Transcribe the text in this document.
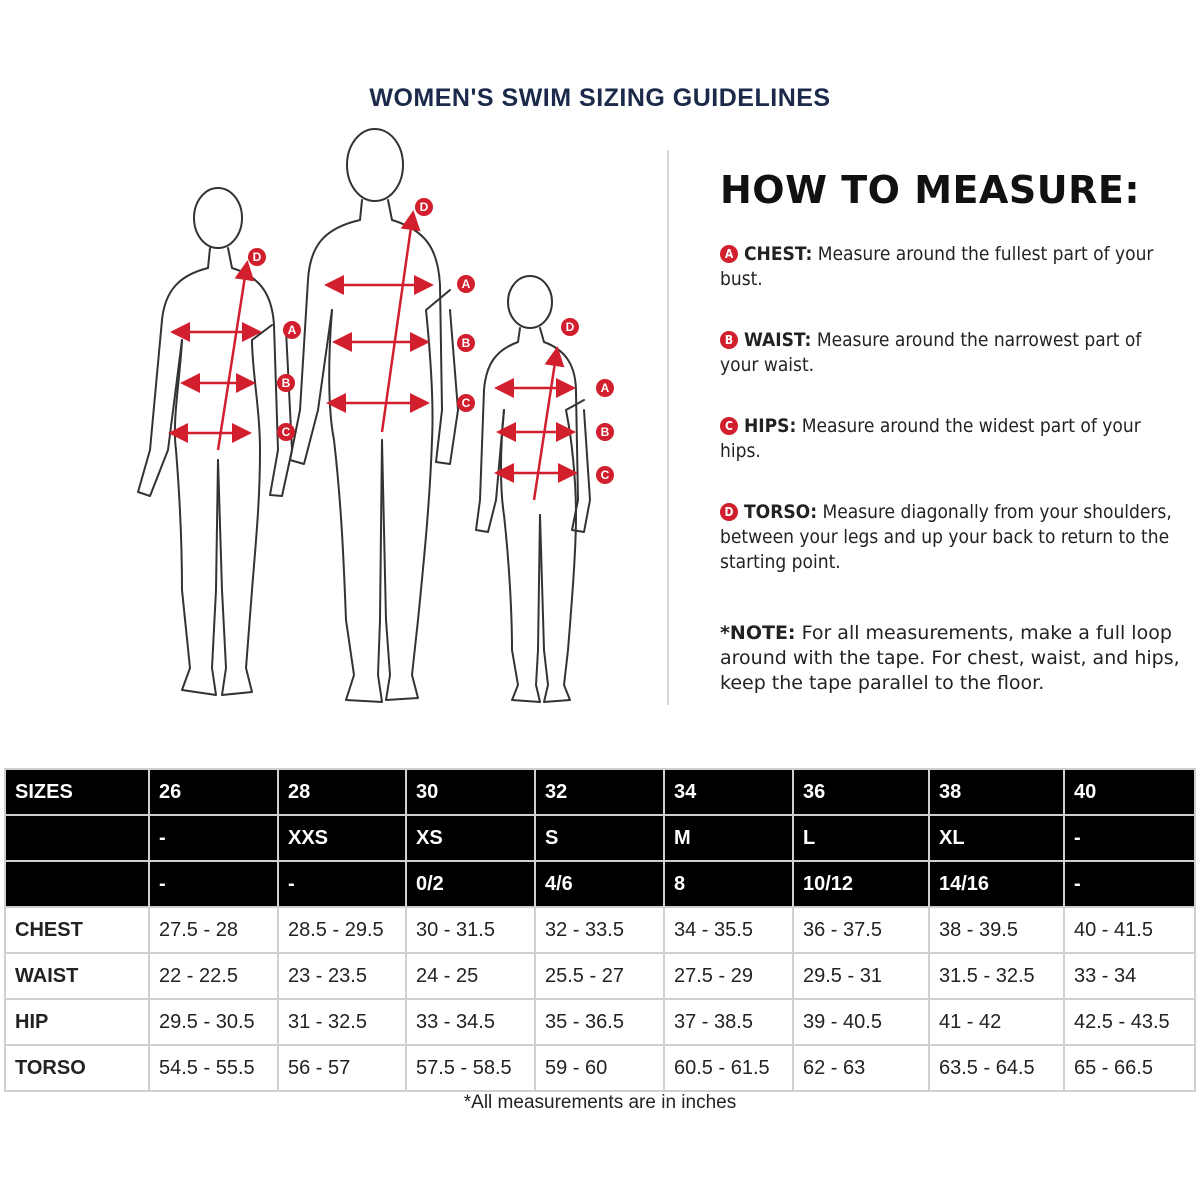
WOMEN'S SWIM SIZING GUIDELINES
D
A
B
C
D
A
B
C
D
A
B
C
HOW TO MEASURE:
A CHEST: Measure around the fullest part of your bust.
B WAIST: Measure around the narrowest part of your waist.
C HIPS: Measure around the widest part of your hips.
D TORSO: Measure diagonally from your shoulders, between your legs and up your back to return to the starting point.
*NOTE: For all measurements, make a full loop around with the tape. For chest, waist, and hips, keep the tape parallel to the floor.
SIZES	26	28	30	32	34	36	38	40
	-	XXS	XS	S	M	L	XL	-
	-	-	0/2	4/6	8	10/12	14/16	-
CHEST	27.5 - 28	28.5 - 29.5	30 - 31.5	32 - 33.5	34 - 35.5	36 - 37.5	38 - 39.5	40 - 41.5
WAIST	22 - 22.5	23 - 23.5	24 - 25	25.5 - 27	27.5 - 29	29.5 - 31	31.5 - 32.5	33 - 34
HIP	29.5 - 30.5	31 - 32.5	33 - 34.5	35 - 36.5	37 - 38.5	39 - 40.5	41 - 42	42.5 - 43.5
TORSO	54.5 - 55.5	56 - 57	57.5 - 58.5	59 - 60	60.5 - 61.5	62 - 63	63.5 - 64.5	65 - 66.5
*All measurements are in inches
